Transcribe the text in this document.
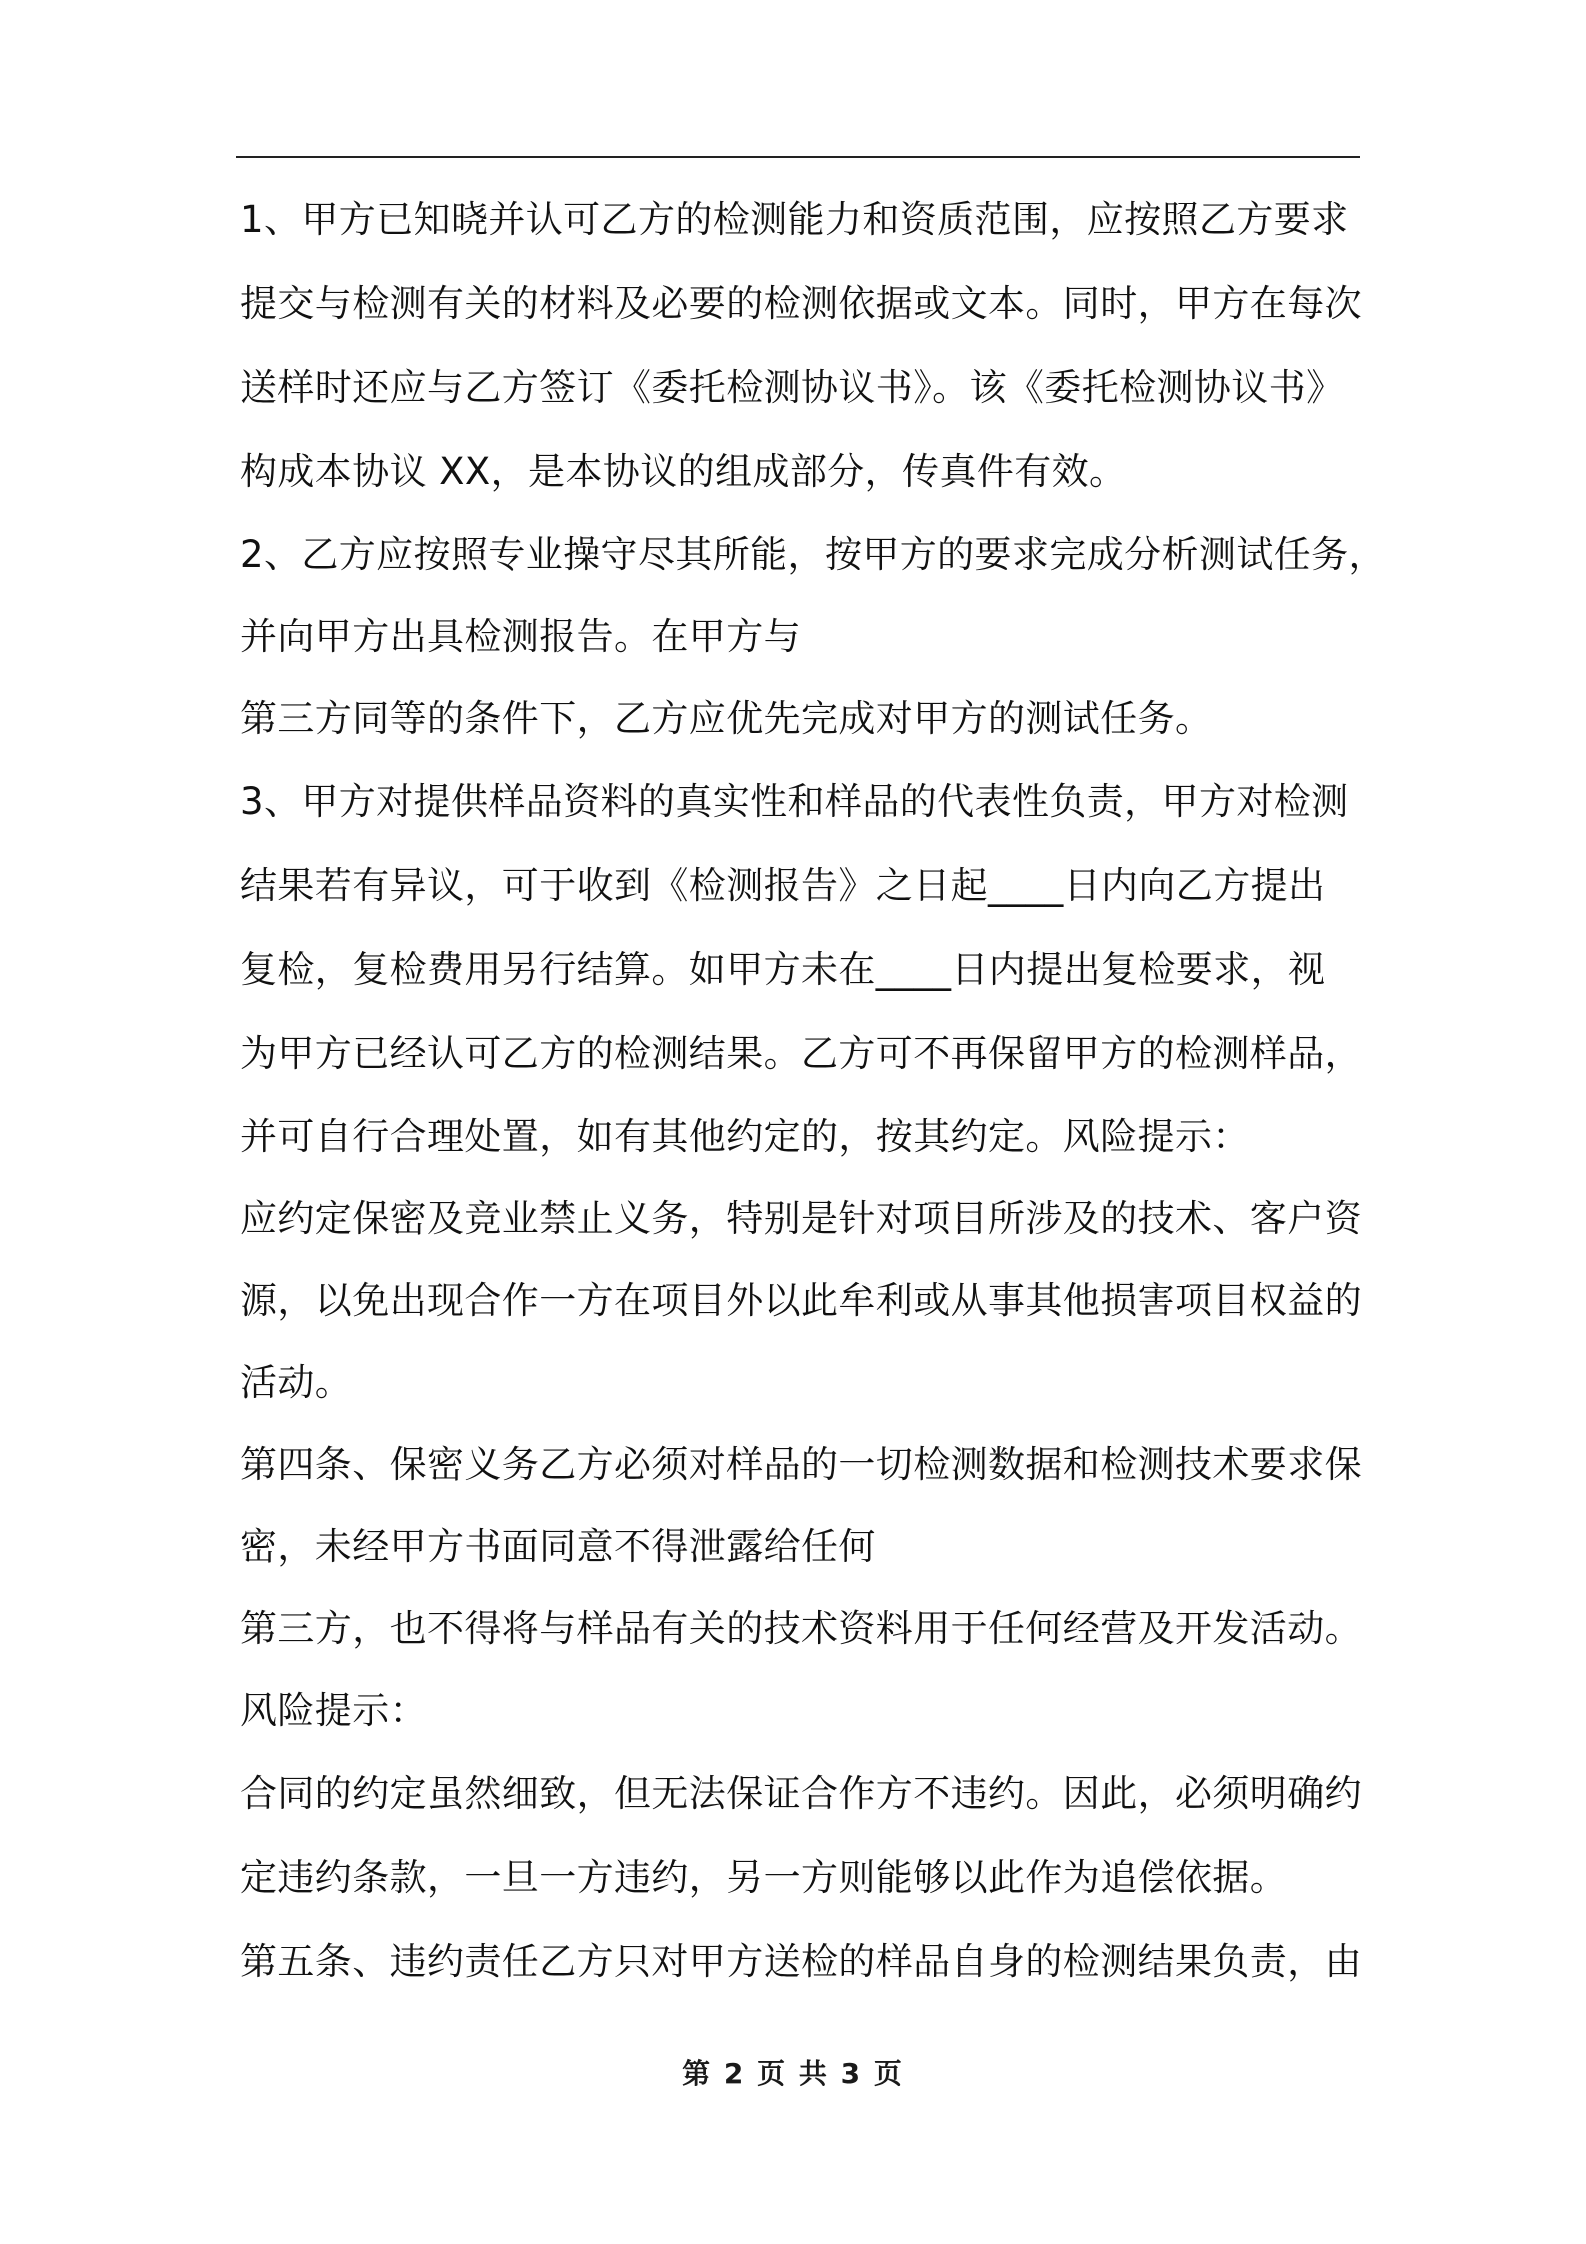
1、甲方已知晓并认可乙方的检测能力和资质范围，应按照乙方要求
提交与检测有关的材料及必要的检测依据或文本。同时，甲方在每次
送样时还应与乙方签订《委托检测协议书》。该《委托检测协议书》
构成本协议 XX，是本协议的组成部分，传真件有效。
2、乙方应按照专业操守尽其所能，按甲方的要求完成分析测试任务，
并向甲方出具检测报告。在甲方与
第三方同等的条件下，乙方应优先完成对甲方的测试任务。
3、甲方对提供样品资料的真实性和样品的代表性负责，甲方对检测
结果若有异议，可于收到《检测报告》之日起____日内向乙方提出
复检，复检费用另行结算。如甲方未在____日内提出复检要求，视
为甲方已经认可乙方的检测结果。乙方可不再保留甲方的检测样品，
并可自行合理处置，如有其他约定的，按其约定。风险提示：
应约定保密及竞业禁止义务，特别是针对项目所涉及的技术、客户资
源，以免出现合作一方在项目外以此牟利或从事其他损害项目权益的
活动。
第四条、保密义务乙方必须对样品的一切检测数据和检测技术要求保
密，未经甲方书面同意不得泄露给任何
第三方，也不得将与样品有关的技术资料用于任何经营及开发活动。
风险提示：
合同的约定虽然细致，但无法保证合作方不违约。因此，必须明确约
定违约条款，一旦一方违约，另一方则能够以此作为追偿依据。
第五条、违约责任乙方只对甲方送检的样品自身的检测结果负责，由
第 2 页 共 3 页
